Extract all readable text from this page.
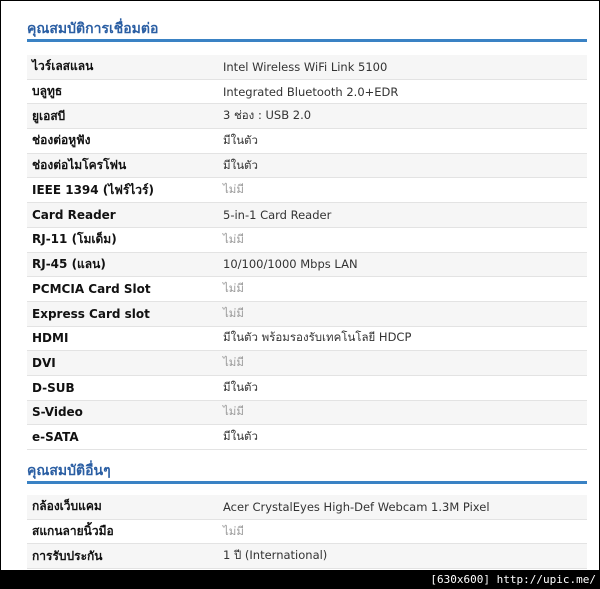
คุณสมบัติการเชื่อมต่อ
ไวร์เลสแลน	Intel Wireless WiFi Link 5100
บลูทูธ	Integrated Bluetooth 2.0+EDR
ยูเอสบี	3 ช่อง : USB 2.0
ช่องต่อหูฟัง	มีในตัว
ช่องต่อไมโครโฟน	มีในตัว
IEEE 1394 (ไฟร์ไวร์)	ไม่มี
Card Reader	5-in-1 Card Reader
RJ-11 (โมเด็ม)	ไม่มี
RJ-45 (แลน)	10/100/1000 Mbps LAN
PCMCIA Card Slot	ไม่มี
Express Card slot	ไม่มี
HDMI	มีในตัว พร้อมรองรับเทคโนโลยี HDCP
DVI	ไม่มี
D-SUB	มีในตัว
S-Video	ไม่มี
e-SATA	มีในตัว
คุณสมบัติอื่นๆ
กล้องเว็บแคม	Acer CrystalEyes High-Def Webcam 1.3M Pixel
สแกนลายนิ้วมือ	ไม่มี
การรับประกัน	1 ปี (International)
[630x600] http://upic.me/
